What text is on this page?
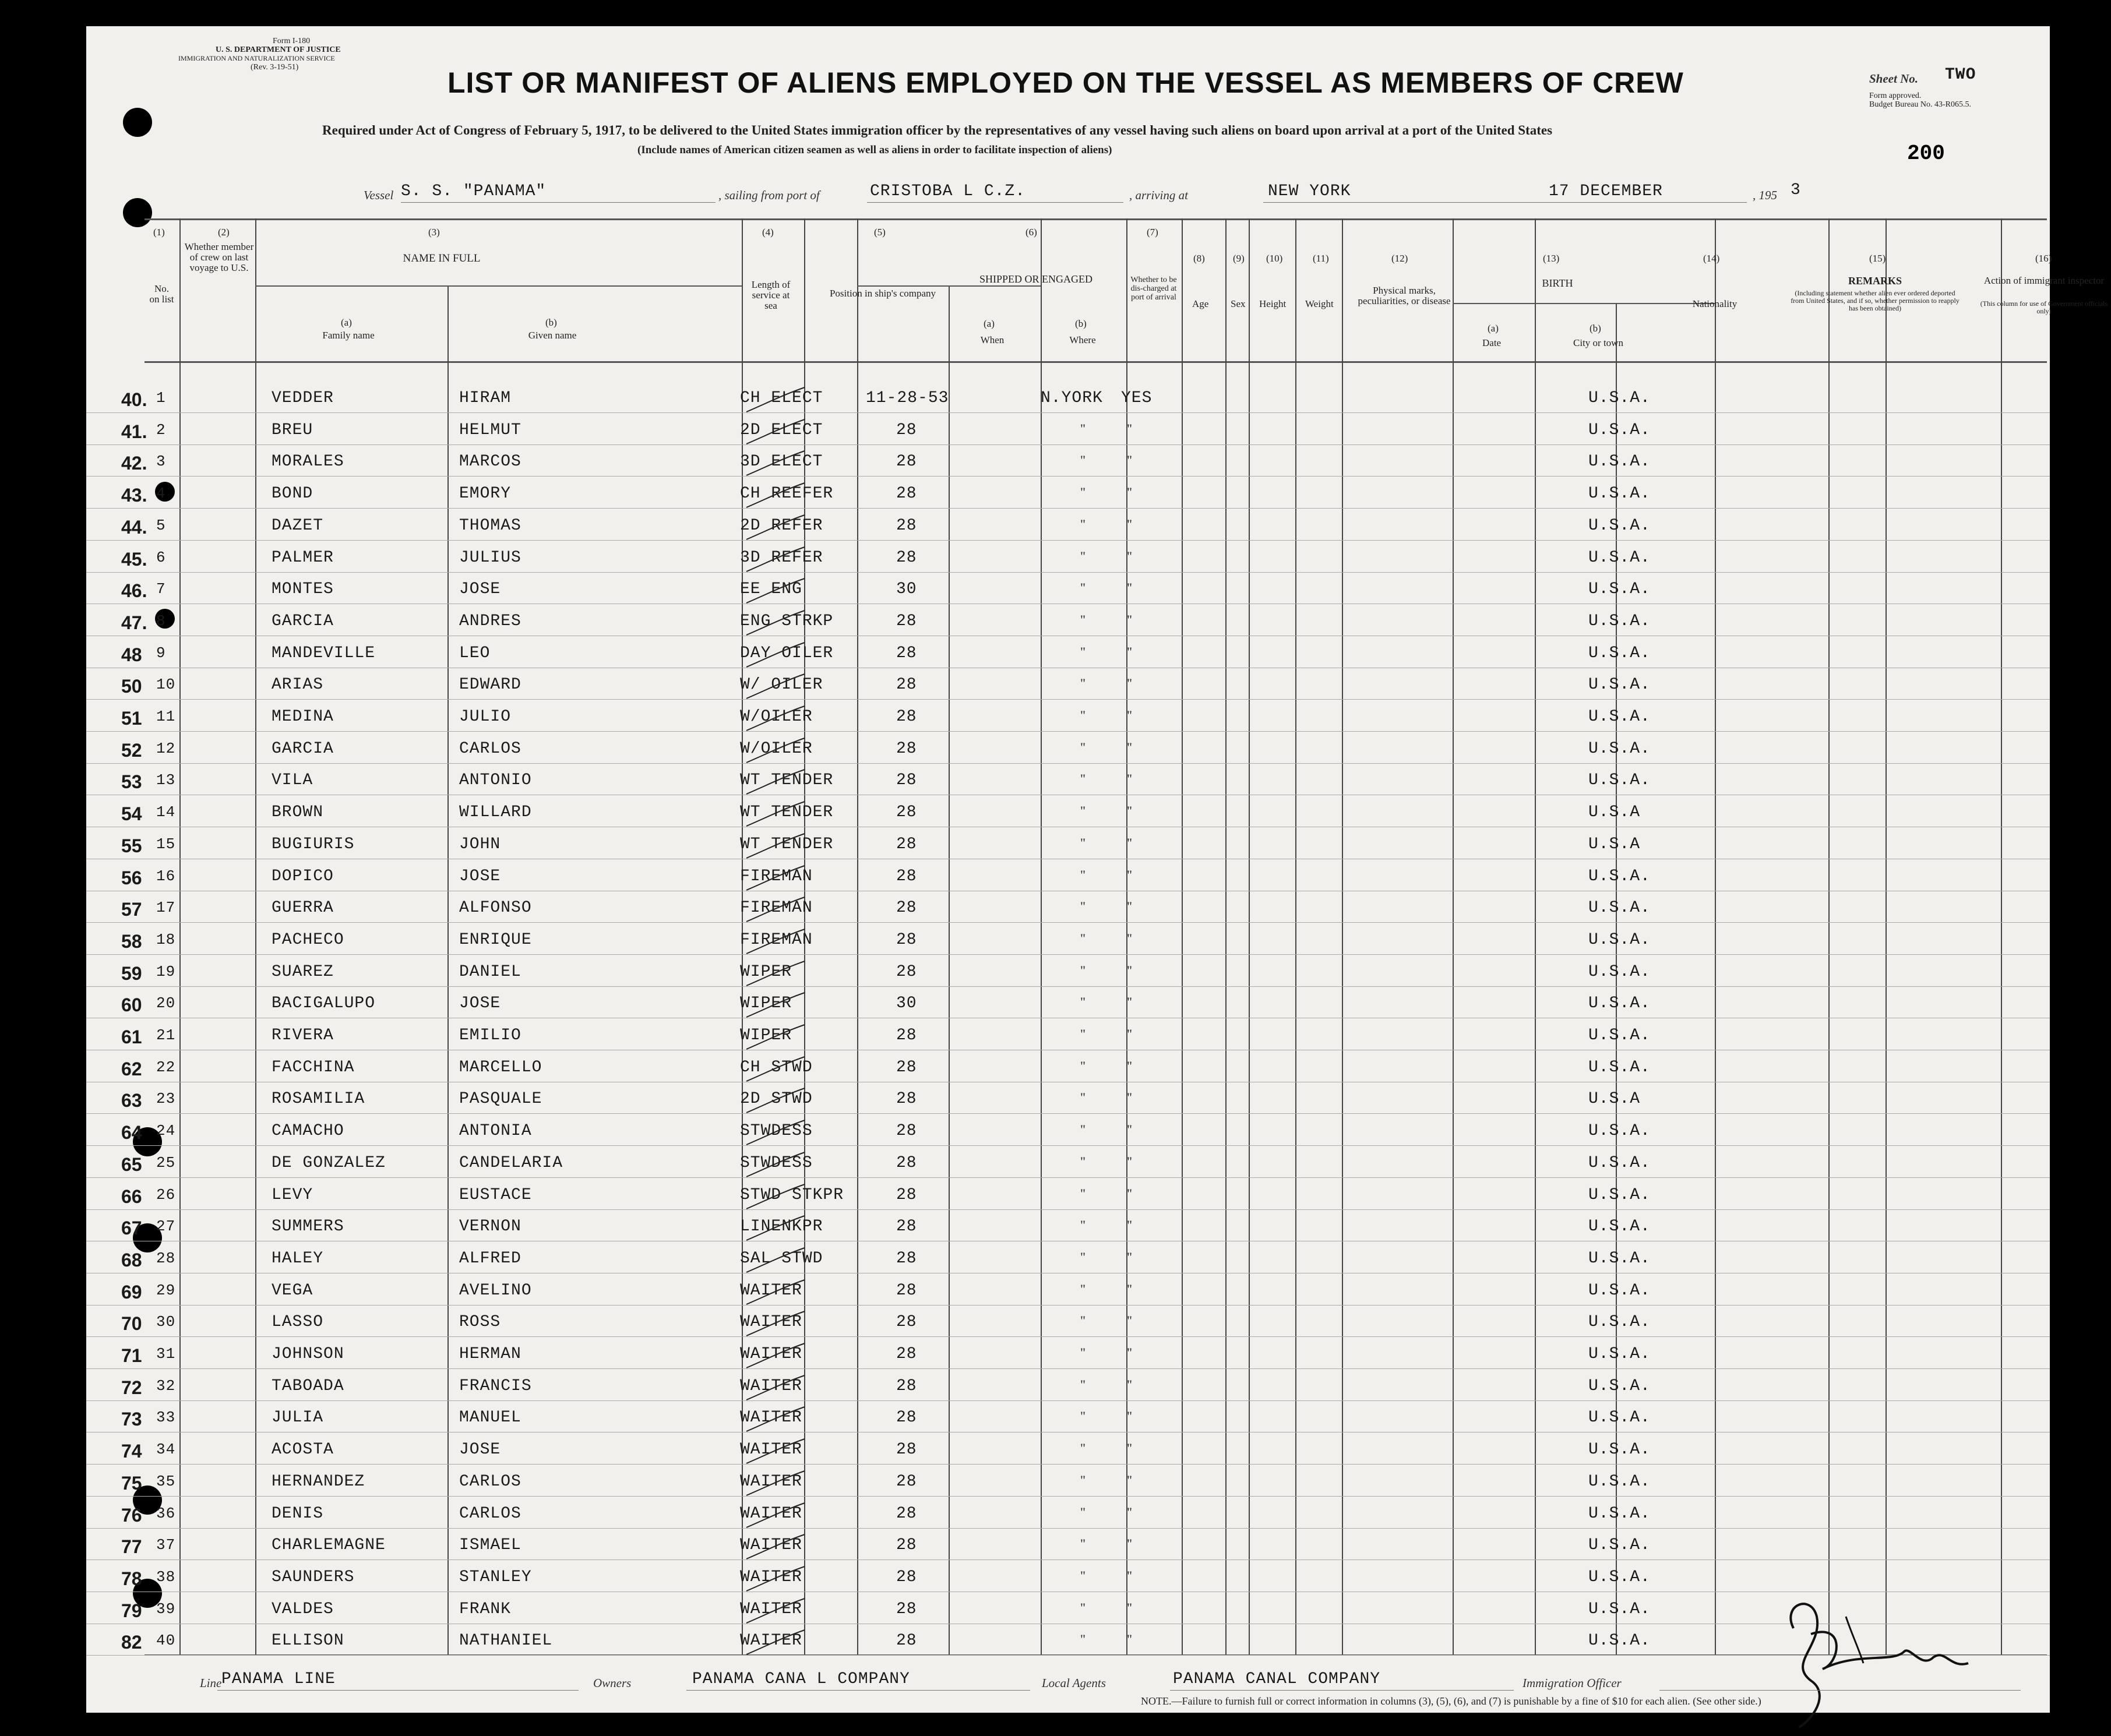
Form I-180
U. S. DEPARTMENT OF JUSTICE
IMMIGRATION AND NATURALIZATION SERVICE
(Rev. 3-19-51)	LIST OR MANIFEST OF ALIENS EMPLOYED ON THE VESSEL AS MEMBERS OF CREW	Sheet No. TWO
Form approved.
Budget Bureau No. 43-R065.5.
200
Required under Act of Congress of February 5, 1917, to be delivered to the United States immigration officer by the representatives of any vessel having such aliens on board upon arrival at a port of the United States
(Include names of American citizen seamen as well as aliens in order to facilitate inspection of aliens)
Vessel S. S. "PANAMA"	, sailing from port of	CRISTOBA L C.Z.	, arriving at	NEW YORK	17 DECEMBER	, 195 3
(1)
No. on list
(2)
Whether member of crew on last voyage to U.S.
(3)
NAME IN FULL
(a)
Family name
(b)
Given name
(4)
Length of service at sea
(5)
Position in ship's company
(6)
SHIPPED OR ENGAGED
(a)
When
(b)
Where
(7)
Whether to be dis-charged at port of arrival
(8)
Age
(9)
Sex
(10)
Height
(11)
Weight
(12)
Physical marks, peculiarities, or disease
(13)
BIRTH
(a)
Date
(b)
City or town
(14)
Nationality
(15)
REMARKS
(Including statement whether alien ever ordered deported from United States, and if so, whether permission to reapply has been obtained)
(16)
Action of immigrant inspector
(This column for use of Government officials only)
40. 1	VEDDER	HIRAM	CH ELECT	11-28-53	N.YORK YES	U.S.A.
41. 2	BREU	HELMUT	2D ELECT	28	"	"	U.S.A.
42. 3	MORALES	MARCOS	3D ELECT	28	"	"	U.S.A.
43. 4	BOND	EMORY	CH REEFER	28	"	"	U.S.A.
44. 5	DAZET	THOMAS	2D REFER	28	"	"	U.S.A.
45. 6	PALMER	JULIUS	3D REFER	28	"	"	U.S.A.
46. 7	MONTES	JOSE	EE ENG	30	"	"	U.S.A.
47. 8	GARCIA	ANDRES	ENG STRKP	28	"	"	U.S.A.
48 9	MANDEVILLE	LEO	DAY OILER	28	"	"	U.S.A.
50 10	ARIAS	EDWARD	W/ OILER	28	"	"	U.S.A.
51 11	MEDINA	JULIO	W/OILER	28	"	"	U.S.A.
52 12	GARCIA	CARLOS	W/OILER	28	"	"	U.S.A.
53 13	VILA	ANTONIO	WT TENDER	28	"	"	U.S.A.
54 14	BROWN	WILLARD	WT TENDER	28	"	"	U.S.A
55 15	BUGIURIS	JOHN	WT TENDER	28	"	"	U.S.A
56 16	DOPICO	JOSE	FIREMAN	28	"	"	U.S.A.
57 17	GUERRA	ALFONSO	FIREMAN	28	"	"	U.S.A.
58 18	PACHECO	ENRIQUE	FIREMAN	28	"	"	U.S.A.
59 19	SUAREZ	DANIEL	WIPER	28	"	"	U.S.A.
60 20	BACIGALUPO	JOSE	WIPER	30	"	"	U.S.A.
61 21	RIVERA	EMILIO	WIPER	28	"	"	U.S.A.
62 22	FACCHINA	MARCELLO	CH STWD	28	"	"	U.S.A.
63 23	ROSAMILIA	PASQUALE	2D STWD	28	"	"	U.S.A
64 24	CAMACHO	ANTONIA	STWDESS	28	"	"	U.S.A.
65 25	DE GONZALEZ	CANDELARIA	STWDESS	28	"	"	U.S.A.
66 26	LEVY	EUSTACE	STWD STKPR	28	"	"	U.S.A.
67 27	SUMMERS	VERNON	LINENKPR	28	"	"	U.S.A.
68 28	HALEY	ALFRED	SAL STWD	28	"	"	U.S.A.
69 29	VEGA	AVELINO	WAITER	28	"	"	U.S.A.
70 30	LASSO	ROSS	WAITER	28	"	"	U.S.A.
71 31	JOHNSON	HERMAN	WAITER	28	"	"	U.S.A.
72 32	TABOADA	FRANCIS	WAITER	28	"	"	U.S.A.
73 33	JULIA	MANUEL	WAITER	28	"	"	U.S.A.
74 34	ACOSTA	JOSE	WAITER	28	"	"	U.S.A.
75 35	HERNANDEZ	CARLOS	WAITER	28	"	"	U.S.A.
76 36	DENIS	CARLOS	WAITER	28	"	"	U.S.A.
77 37	CHARLEMAGNE	ISMAEL	WAITER	28	"	"	U.S.A.
78 38	SAUNDERS	STANLEY	WAITER	28	"	"	U.S.A.
79 39	VALDES	FRANK	WAITER	28	"	"	U.S.A.
82 40	ELLISON	NATHANIEL	WAITER	28	"	"	U.S.A.
Line PANAMA LINE	Owners	PANAMA CANA L COMPANY	Local Agents	PANAMA CANAL COMPANY	Immigration Officer
NOTE.—Failure to furnish full or correct information in columns (3), (5), (6), and (7) is punishable by a fine of $10 for each alien. (See other side.)
